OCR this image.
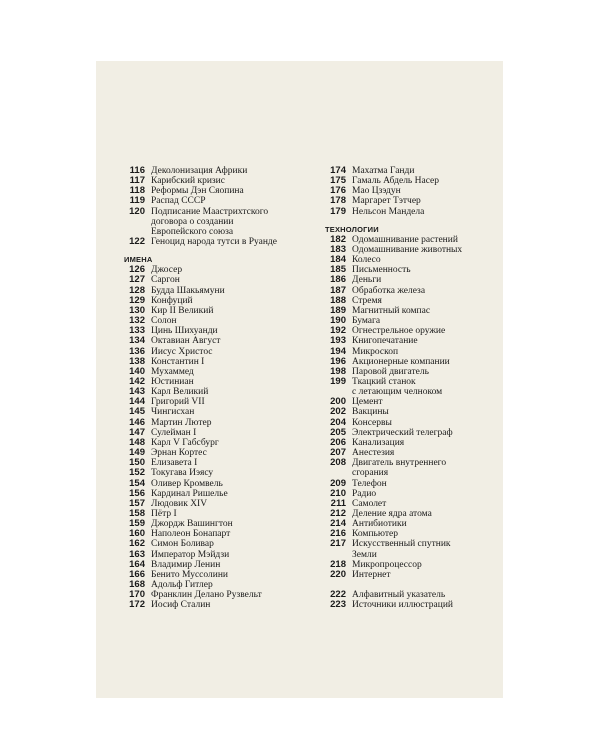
116 Деколонизация Африки
117 Карибский кризис
118 Реформы Дэн Сяопина
119 Распад СССР
120 Подписание Маастрихтского
договора о создании
Европейского союза
122 Геноцид народа тутси в Руанде
ИМЕНА
126 Джосер
127 Саргон
128 Будда Шакьямуни
129 Конфуций
130 Кир II Великий
132 Солон
133 Цинь Шихуанди
134 Октавиан Август
136 Иисус Христос
138 Константин I
140 Мухаммед
142 Юстиниан
143 Карл Великий
144 Григорий VII
145 Чингисхан
146 Мартин Лютер
147 Сулейман I
148 Карл V Габсбург
149 Эрнан Кортес
150 Елизавета I
152 Токугава Иэясу
154 Оливер Кромвель
156 Кардинал Ришелье
157 Людовик XIV
158 Пётр I
159 Джордж Вашингтон
160 Наполеон Бонапарт
162 Симон Боливар
163 Император Мэйдзи
164 Владимир Ленин
166 Бенито Муссолини
168 Адольф Гитлер
170 Франклин Делано Рузвельт
172 Иосиф Сталин
174 Махатма Ганди
175 Гамаль Абдель Насер
176 Мао Цзэдун
178 Маргарет Тэтчер
179 Нельсон Мандела
ТЕХНОЛОГИИ
182 Одомашнивание растений
183 Одомашнивание животных
184 Колесо
185 Письменность
186 Деньги
187 Обработка железа
188 Стремя
189 Магнитный компас
190 Бумага
192 Огнестрельное оружие
193 Книгопечатание
194 Микроскоп
196 Акционерные компании
198 Паровой двигатель
199 Ткацкий станок
с летающим челноком
200 Цемент
202 Вакцины
204 Консервы
205 Электрический телеграф
206 Канализация
207 Анестезия
208 Двигатель внутреннего
сгорания
209 Телефон
210 Радио
211 Самолет
212 Деление ядра атома
214 Антибиотики
216 Компьютер
217 Искусственный спутник
Земли
218 Микропроцессор
220 Интернет
222 Алфавитный указатель
223 Источники иллюстраций
